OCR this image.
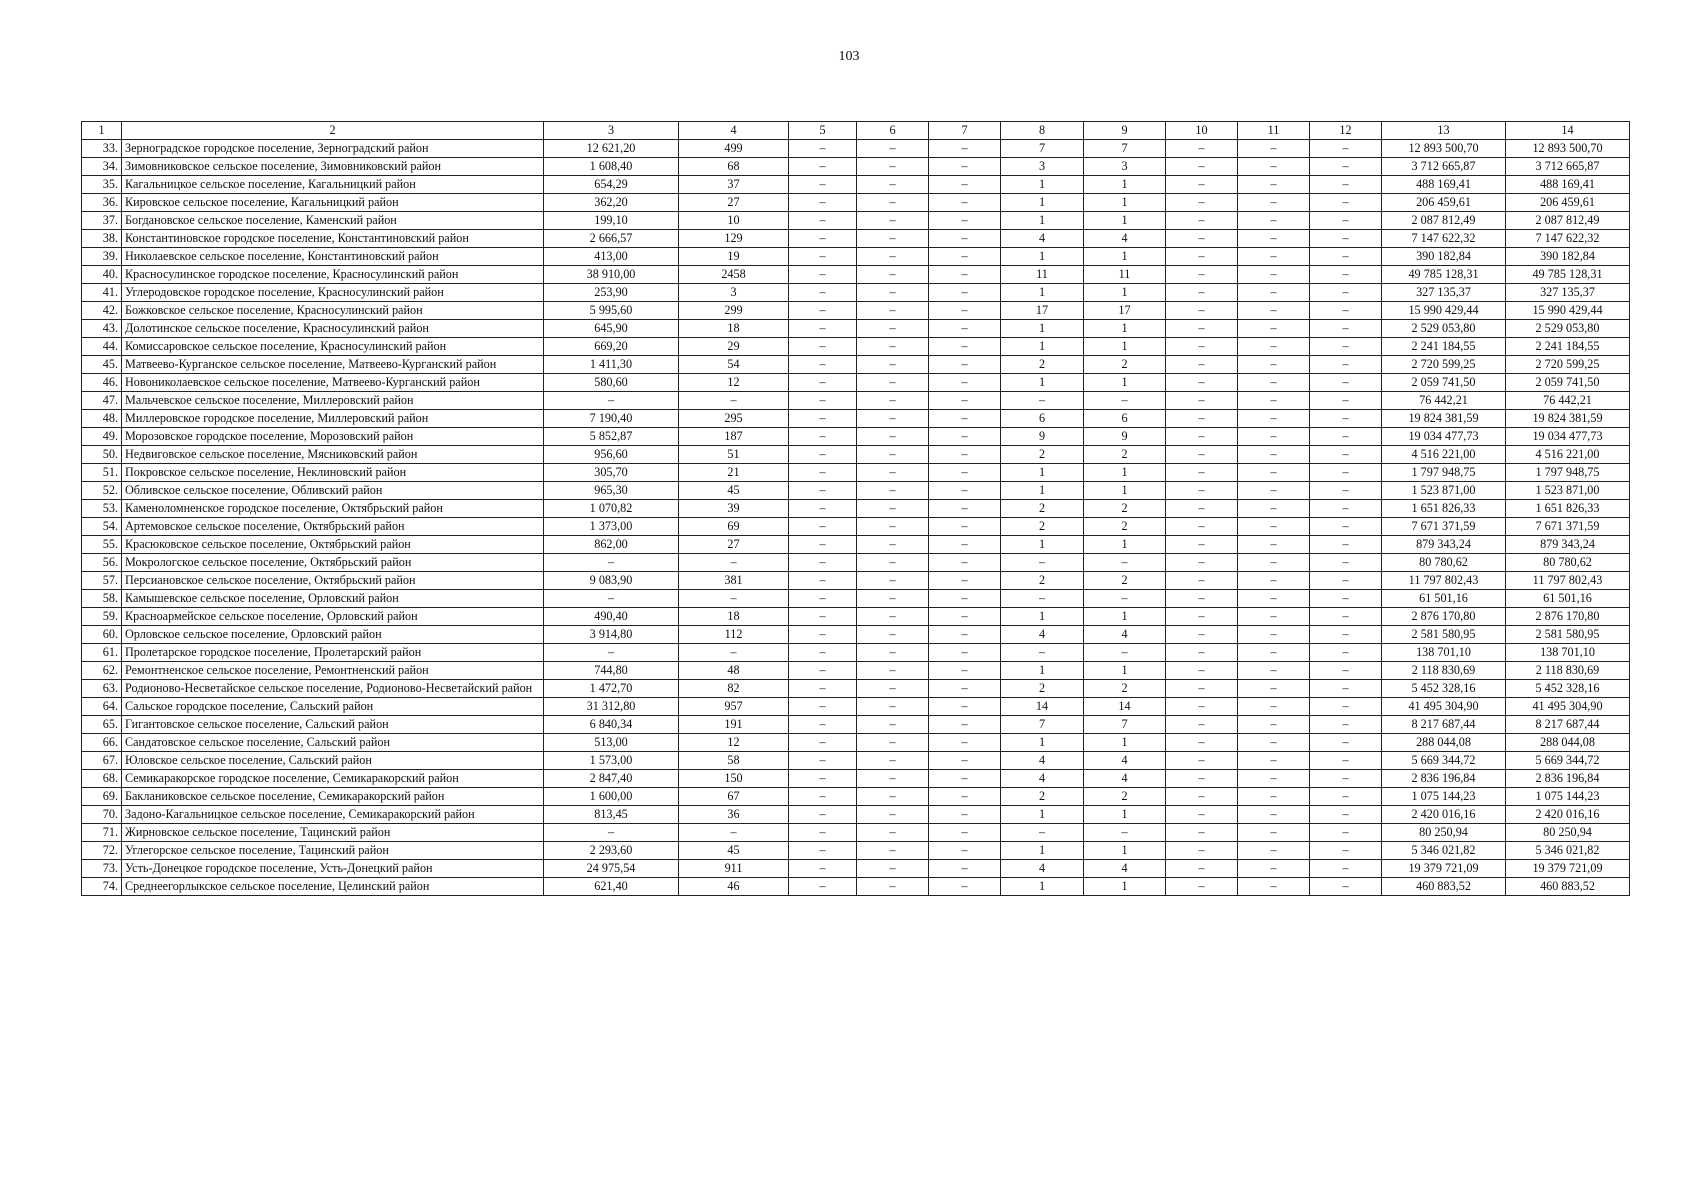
103
1	2	3	4	5	6	7	8	9	10	11	12	13	14
33.	Зерноградское городское поселение, Зерноградский район	12 621,20	499	–	–	–	7	7	–	–	–	12 893 500,70	12 893 500,70
34.	Зимовниковское сельское поселение, Зимовниковский район	1 608,40	68	–	–	–	3	3	–	–	–	3 712 665,87	3 712 665,87
35.	Кагальницкое сельское поселение, Кагальницкий район	654,29	37	–	–	–	1	1	–	–	–	488 169,41	488 169,41
36.	Кировское сельское поселение, Кагальницкий район	362,20	27	–	–	–	1	1	–	–	–	206 459,61	206 459,61
37.	Богдановское сельское поселение, Каменский район	199,10	10	–	–	–	1	1	–	–	–	2 087 812,49	2 087 812,49
38.	Константиновское городское поселение, Константиновский район	2 666,57	129	–	–	–	4	4	–	–	–	7 147 622,32	7 147 622,32
39.	Николаевское сельское поселение, Константиновский район	413,00	19	–	–	–	1	1	–	–	–	390 182,84	390 182,84
40.	Красносулинское городское поселение, Красносулинский район	38 910,00	2458	–	–	–	11	11	–	–	–	49 785 128,31	49 785 128,31
41.	Углеродовское городское поселение, Красносулинский район	253,90	3	–	–	–	1	1	–	–	–	327 135,37	327 135,37
42.	Божковское сельское поселение, Красносулинский район	5 995,60	299	–	–	–	17	17	–	–	–	15 990 429,44	15 990 429,44
43.	Долотинское сельское поселение, Красносулинский район	645,90	18	–	–	–	1	1	–	–	–	2 529 053,80	2 529 053,80
44.	Комиссаровское сельское поселение, Красносулинский район	669,20	29	–	–	–	1	1	–	–	–	2 241 184,55	2 241 184,55
45.	Матвеево-Курганское сельское поселение, Матвеево-Курганский район	1 411,30	54	–	–	–	2	2	–	–	–	2 720 599,25	2 720 599,25
46.	Новониколаевское сельское поселение, Матвеево-Курганский район	580,60	12	–	–	–	1	1	–	–	–	2 059 741,50	2 059 741,50
47.	Мальчевское сельское поселение, Миллеровский район	–	–	–	–	–	–	–	–	–	–	76 442,21	76 442,21
48.	Миллеровское городское поселение, Миллеровский район	7 190,40	295	–	–	–	6	6	–	–	–	19 824 381,59	19 824 381,59
49.	Морозовское городское поселение, Морозовский район	5 852,87	187	–	–	–	9	9	–	–	–	19 034 477,73	19 034 477,73
50.	Недвиговское сельское поселение, Мясниковский район	956,60	51	–	–	–	2	2	–	–	–	4 516 221,00	4 516 221,00
51.	Покровское сельское поселение, Неклиновский район	305,70	21	–	–	–	1	1	–	–	–	1 797 948,75	1 797 948,75
52.	Обливское сельское поселение, Обливский район	965,30	45	–	–	–	1	1	–	–	–	1 523 871,00	1 523 871,00
53.	Каменоломненское городское поселение, Октябрьский район	1 070,82	39	–	–	–	2	2	–	–	–	1 651 826,33	1 651 826,33
54.	Артемовское сельское поселение, Октябрьский район	1 373,00	69	–	–	–	2	2	–	–	–	7 671 371,59	7 671 371,59
55.	Красюковское сельское поселение, Октябрьский район	862,00	27	–	–	–	1	1	–	–	–	879 343,24	879 343,24
56.	Мокрологское сельское поселение, Октябрьский район	–	–	–	–	–	–	–	–	–	–	80 780,62	80 780,62
57.	Персиановское сельское поселение, Октябрьский район	9 083,90	381	–	–	–	2	2	–	–	–	11 797 802,43	11 797 802,43
58.	Камышевское сельское поселение, Орловский район	–	–	–	–	–	–	–	–	–	–	61 501,16	61 501,16
59.	Красноармейское сельское поселение, Орловский район	490,40	18	–	–	–	1	1	–	–	–	2 876 170,80	2 876 170,80
60.	Орловское сельское поселение, Орловский район	3 914,80	112	–	–	–	4	4	–	–	–	2 581 580,95	2 581 580,95
61.	Пролетарское городское поселение, Пролетарский район	–	–	–	–	–	–	–	–	–	–	138 701,10	138 701,10
62.	Ремонтненское сельское поселение, Ремонтненский район	744,80	48	–	–	–	1	1	–	–	–	2 118 830,69	2 118 830,69
63.	Родионово-Несветайское сельское поселение, Родионово-Несветайский район	1 472,70	82	–	–	–	2	2	–	–	–	5 452 328,16	5 452 328,16
64.	Сальское городское поселение, Сальский район	31 312,80	957	–	–	–	14	14	–	–	–	41 495 304,90	41 495 304,90
65.	Гигантовское сельское поселение, Сальский район	6 840,34	191	–	–	–	7	7	–	–	–	8 217 687,44	8 217 687,44
66.	Сандатовское сельское поселение, Сальский район	513,00	12	–	–	–	1	1	–	–	–	288 044,08	288 044,08
67.	Юловское сельское поселение, Сальский район	1 573,00	58	–	–	–	4	4	–	–	–	5 669 344,72	5 669 344,72
68.	Семикаракорское городское поселение, Семикаракорский район	2 847,40	150	–	–	–	4	4	–	–	–	2 836 196,84	2 836 196,84
69.	Бакланиковское сельское поселение, Семикаракорский район	1 600,00	67	–	–	–	2	2	–	–	–	1 075 144,23	1 075 144,23
70.	Задоно-Кагальницкое сельское поселение, Семикаракорский район	813,45	36	–	–	–	1	1	–	–	–	2 420 016,16	2 420 016,16
71.	Жирновское сельское поселение, Тацинский район	–	–	–	–	–	–	–	–	–	–	80 250,94	80 250,94
72.	Углегорское сельское поселение, Тацинский район	2 293,60	45	–	–	–	1	1	–	–	–	5 346 021,82	5 346 021,82
73.	Усть-Донецкое городское поселение, Усть-Донецкий район	24 975,54	911	–	–	–	4	4	–	–	–	19 379 721,09	19 379 721,09
74.	Среднеегорлыкское сельское поселение, Целинский район	621,40	46	–	–	–	1	1	–	–	–	460 883,52	460 883,52
